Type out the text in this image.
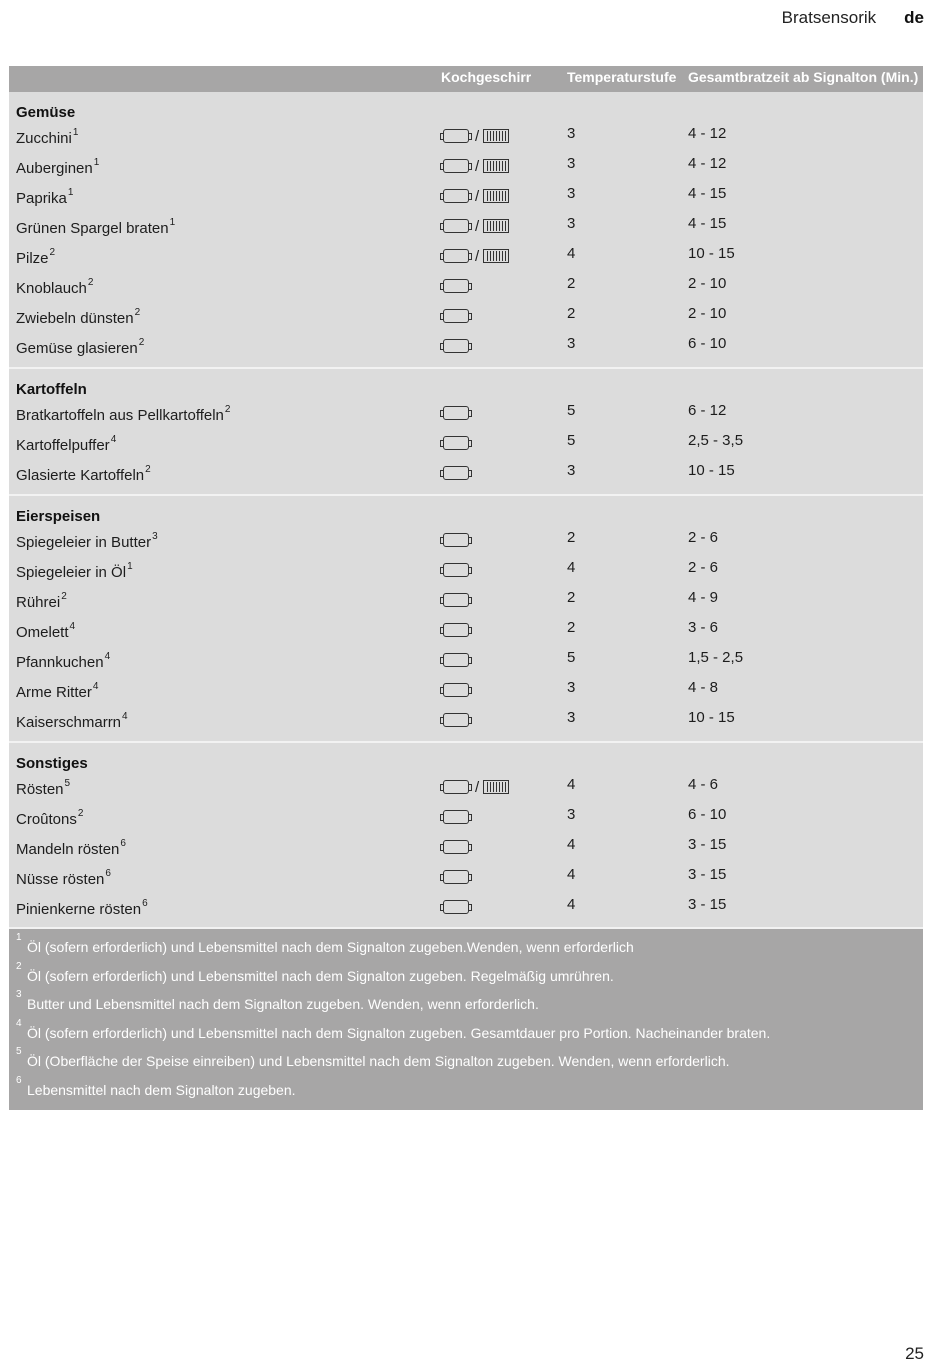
Bratsensorik de
Kochgeschirr	Temperaturstufe Gesamtbratzeit ab Signalton (Min.)
Gemüse
Zucchini$^1$	/	3	4 - 12
Auberginen$^1$	/	3	4 - 12
Paprika$^1$	/	3	4 - 15
Grünen Spargel braten$^1$	/	3	4 - 15
Pilze$^2$	/	4	10 - 15
Knoblauch$^2$	2	2 - 10
Zwiebeln dünsten$^2$	2	2 - 10
Gemüse glasieren$^2$	3	6 - 10
Kartoffeln
Bratkartoffeln aus Pellkartoffeln$^2$	5	6 - 12
Kartoffelpuffer$^4$	5	2,5 - 3,5
Glasierte Kartoffeln$^2$	3	10 - 15
Eierspeisen
Spiegeleier in Butter$^3$	2	2 - 6
Spiegeleier in $Öl^1$	4	2 - 6
Rührei$^2$	2	4 - 9
Omelett$^4$	2	3 - 6
Pfannkuchen$^4$	5	1,5 - 2,5
Arme Ritter$^4$	3	4 - 8
Kaiserschmarrn$^4$	3	10 - 15
Sonstiges
Rösten$^5$	/	4	4 - 6
Croûtons$^2$	3	6 - 10
Mandeln rösten$^6$	4	3 - 15
Nüsse rösten$^6$	4	3 - 15
Pinienkerne rösten$^6$	4	3 - 15
1
Öl (sofern erforderlich) und Lebensmittel nach dem Signalton zugeben.Wenden, wenn erforderlich
2
Öl (sofern erforderlich) und Lebensmittel nach dem Signalton zugeben. Regelmäßig umrühren.
3
Butter und Lebensmittel nach dem Signalton zugeben. Wenden, wenn erforderlich.
4
Öl (sofern erforderlich) und Lebensmittel nach dem Signalton zugeben. Gesamtdauer pro Portion. Nacheinander braten.
5
Öl (Oberfläche der Speise einreiben) und Lebensmittel nach dem Signalton zugeben. Wenden, wenn erforderlich.
6
Lebensmittel nach dem Signalton zugeben.
25
